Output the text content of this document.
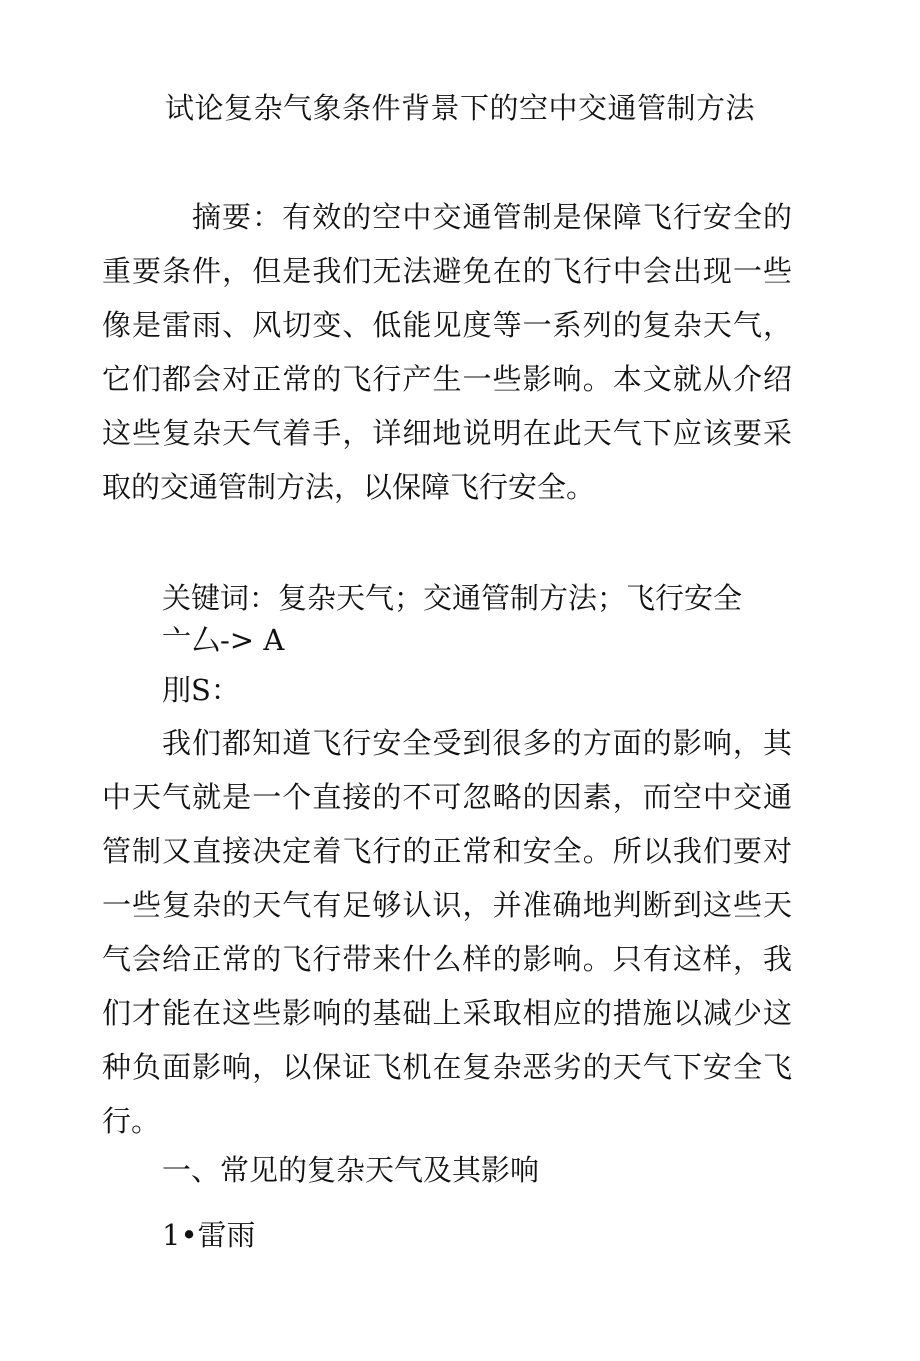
试论复杂气象条件背景下的空中交通管制方法

摘要：有效的空中交通管制是保障飞行安全的重要条件，但是我们无法避免在的飞行中会出现一些像是雷雨、风切变、低能见度等一系列的复杂天气，它们都会对正常的飞行产生一些影响。本文就从介绍这些复杂天气着手，详细地说明在此天气下应该要采取的交通管制方法，以保障飞行安全。

关键词：复杂天气；交通管制方法；飞行安全
亠厶-> A
刖S：

我们都知道飞行安全受到很多的方面的影响，其中天气就是一个直接的不可忽略的因素，而空中交通管制又直接决定着飞行的正常和安全。所以我们要对一些复杂的天气有足够认识，并准确地判断到这些天气会给正常的飞行带来什么样的影响。只有这样，我们才能在这些影响的基础上采取相应的措施以减少这种负面影响，以保证飞机在复杂恶劣的天气下安全飞行。

一、常见的复杂天气及其影响
1•雷雨
